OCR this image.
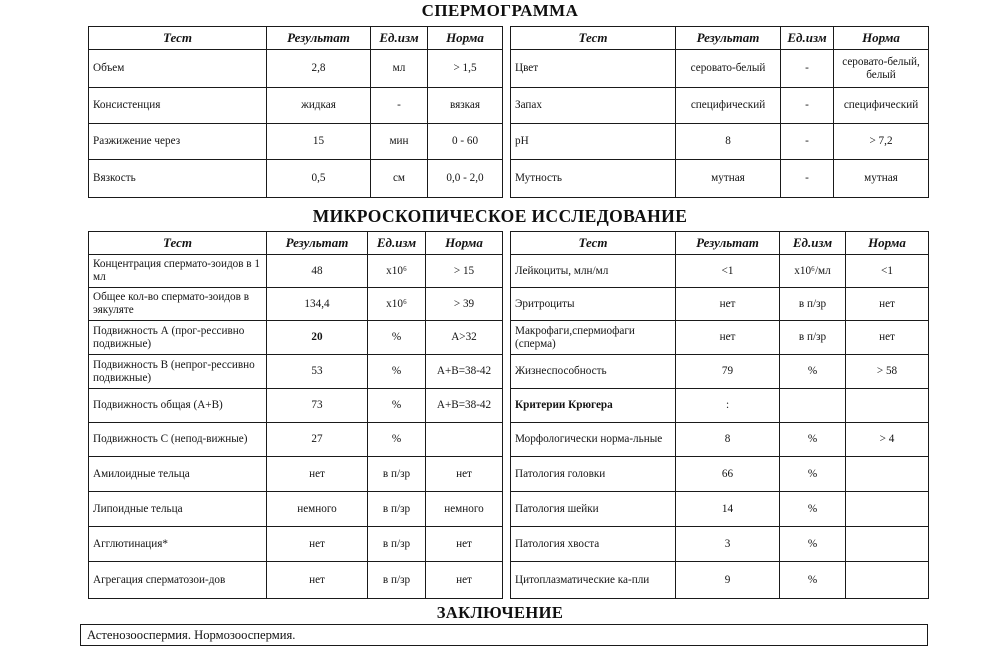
СПЕРМОГРАММА
Тест	Результат	Ед.изм	Норма
Объем	2,8	мл	> 1,5
Консистенция	жидкая	-	вязкая
Разжижение через	15	мин	0 - 60
Вязкость	0,5	см	0,0 - 2,0
Тест	Результат	Ед.изм	Норма
Цвет	серовато-белый	-	серовато-белый, белый
Запах	специфический	-	специфический
pH	8	-	> 7,2
Мутность	мутная	-	мутная
МИКРОСКОПИЧЕСКОЕ ИССЛЕДОВАНИЕ
Тест	Результат	Ед.изм	Норма
Концентрация спермато-зоидов в 1 мл	48	x10⁶	> 15
Общее кол-во спермато-зоидов в эякуляте	134,4	x10⁶	> 39
Подвижность А (прог-рессивно подвижные)	20	%	A>32
Подвижность В (непрог-рессивно подвижные)	53	%	A+B=38-42
Подвижность общая (А+В)	73	%	A+B=38-42
Подвижность С (непод-вижные)	27	%	
Амилоидные тельца	нет	в п/зр	нет
Липоидные тельца	немного	в п/зр	немного
Агглютинация*	нет	в п/зр	нет
Агрегация сперматозои-дов	нет	в п/зр	нет
Тест	Результат	Ед.изм	Норма
Лейкоциты, млн/мл	<1	x10⁶/мл	<1
Эритроциты	нет	в п/зр	нет
Макрофаги,спермиофаги (сперма)	нет	в п/зр	нет
Жизнеспособность	79	%	> 58
Критерии Крюгера	:		
Морфологически норма-льные	8	%	> 4
Патология головки	66	%	
Патология шейки	14	%	
Патология хвоста	3	%	
Цитоплазматические ка-пли	9	%	
ЗАКЛЮЧЕНИЕ
Астенозооспермия. Нормозооспермия.
